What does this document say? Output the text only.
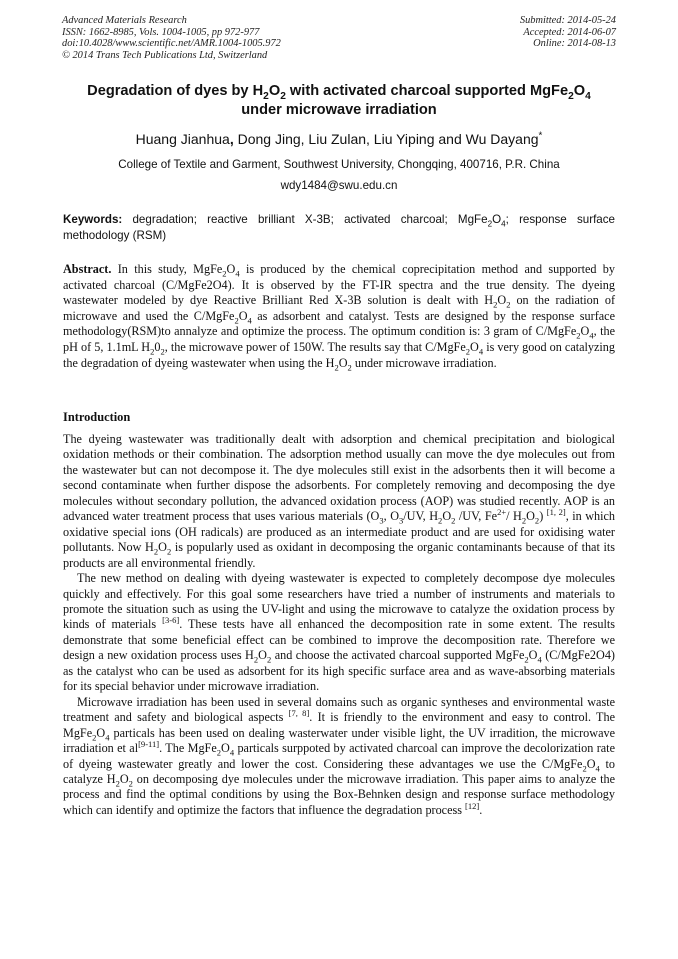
Advanced Materials Research
ISSN: 1662-8985, Vols. 1004-1005, pp 972-977
doi:10.4028/www.scientific.net/AMR.1004-1005.972
© 2014 Trans Tech Publications Ltd, Switzerland
Submitted: 2014-05-24
Accepted: 2014-06-07
Online: 2014-08-13
Degradation of dyes by $H_2O_2$ with activated charcoal supported $MgFe_2O_4$
under microwave irradiation
Huang Jianhua, Dong Jing, Liu Zulan, Liu Yiping and Wu Dayang*
College of Textile and Garment, Southwest University, Chongqing, 400716, P.R. China
wdy1484@swu.edu.cn
Keywords: degradation; reactive brilliant X-3B; activated charcoal; $MgFe_2O_4$; response surface methodology (RSM)
Abstract. In this study, $MgFe_2O_4$ is produced by the chemical coprecipitation method and supported by activated charcoal (C/MgFe2O4). It is observed by the FT-IR spectra and the true density. The dyeing wastewater modeled by dye Reactive Brilliant Red X-3B solution is dealt with $H_2O_2$ on the radiation of microwave and used the $C/MgFe_2O_4$ as adsorbent and catalyst. Tests are designed by the response surface methodology(RSM)to annalyze and optimize the process. The optimum condition is: 3 gram of $C/MgFe_2O_4$, the pH of 5, 1.1mL $H_20_2$, the microwave power of 150W. The results say that $C/MgFe_2O_4$ is very good on catalyzing the degradation of dyeing wastewater when using the $H_2O_2$ under microwave irradiation.
Introduction

The dyeing wastewater was traditionally dealt with adsorption and chemical precipitation and biological oxidation methods or their combination. The adsorption method usually can move the dye molecules out from the wastewater but can not decompose it. The dye molecules still exist in the adsorbents then it will become a second contaminate when further dispose the adsorbents. For completely removing and decomposing the dye molecules without secondary pollution, the advanced oxidation process (AOP) was studied recently. AOP is an advanced water treatment process that uses various materials ($O_3$, $O_3/UV$, $H_2O_2$ /UV, $Fe^{2+}/$ $H_2O_2$) [1, 2], in which oxidative special ions (OH radicals) are produced as an intermediate product and are used for oxidising water pollutants. Now $H_2O_2$ is popularly used as oxidant in decomposing the organic contaminants because of that its products are all environmental friendly.

The new method on dealing with dyeing wastewater is expected to completely decompose dye molecules quickly and effectively. For this goal some researchers have tried a number of instruments and materials to promote the situation such as using the UV-light and using the microwave to catalyze the oxidation process by kinds of materials [3-6]. These tests have all enhanced the decomposition rate in some extent. The results demonstrate that some beneficial effect can be combined to improve the decomposition rate. Therefore we design a new oxidation process uses $H_2O_2$ and choose the activated charcoal supported $MgFe_2O_4$ (C/MgFe2O4) as the catalyst who can be used as adsorbent for its high specific surface area and as wave-absorbing materials for its special behavior under microwave irradiation.

Microwave irradiation has been used in several domains such as organic syntheses and environmental waste treatment and safety and biological aspects [7, 8]. It is friendly to the environment and easy to control. The $MgFe_2O_4$ particals has been used on dealing wasterwater under visible light, the UV irradition, the microwave irradiation et al[9-11]. The $MgFe_2O_4$ particals surppoted by activated charcoal can improve the decolorization rate of dyeing wastewater greatly and lower the cost. Considering these advantages we use the $C/MgFe_2O_4$ to catalyze $H_2O_2$ on decomposing dye molecules under the microwave irradiation. This paper aims to analyze the process and find the optimal conditions by using the Box-Behnken design and response surface methodology which can identify and optimize the factors that influence the degradation process [12].
